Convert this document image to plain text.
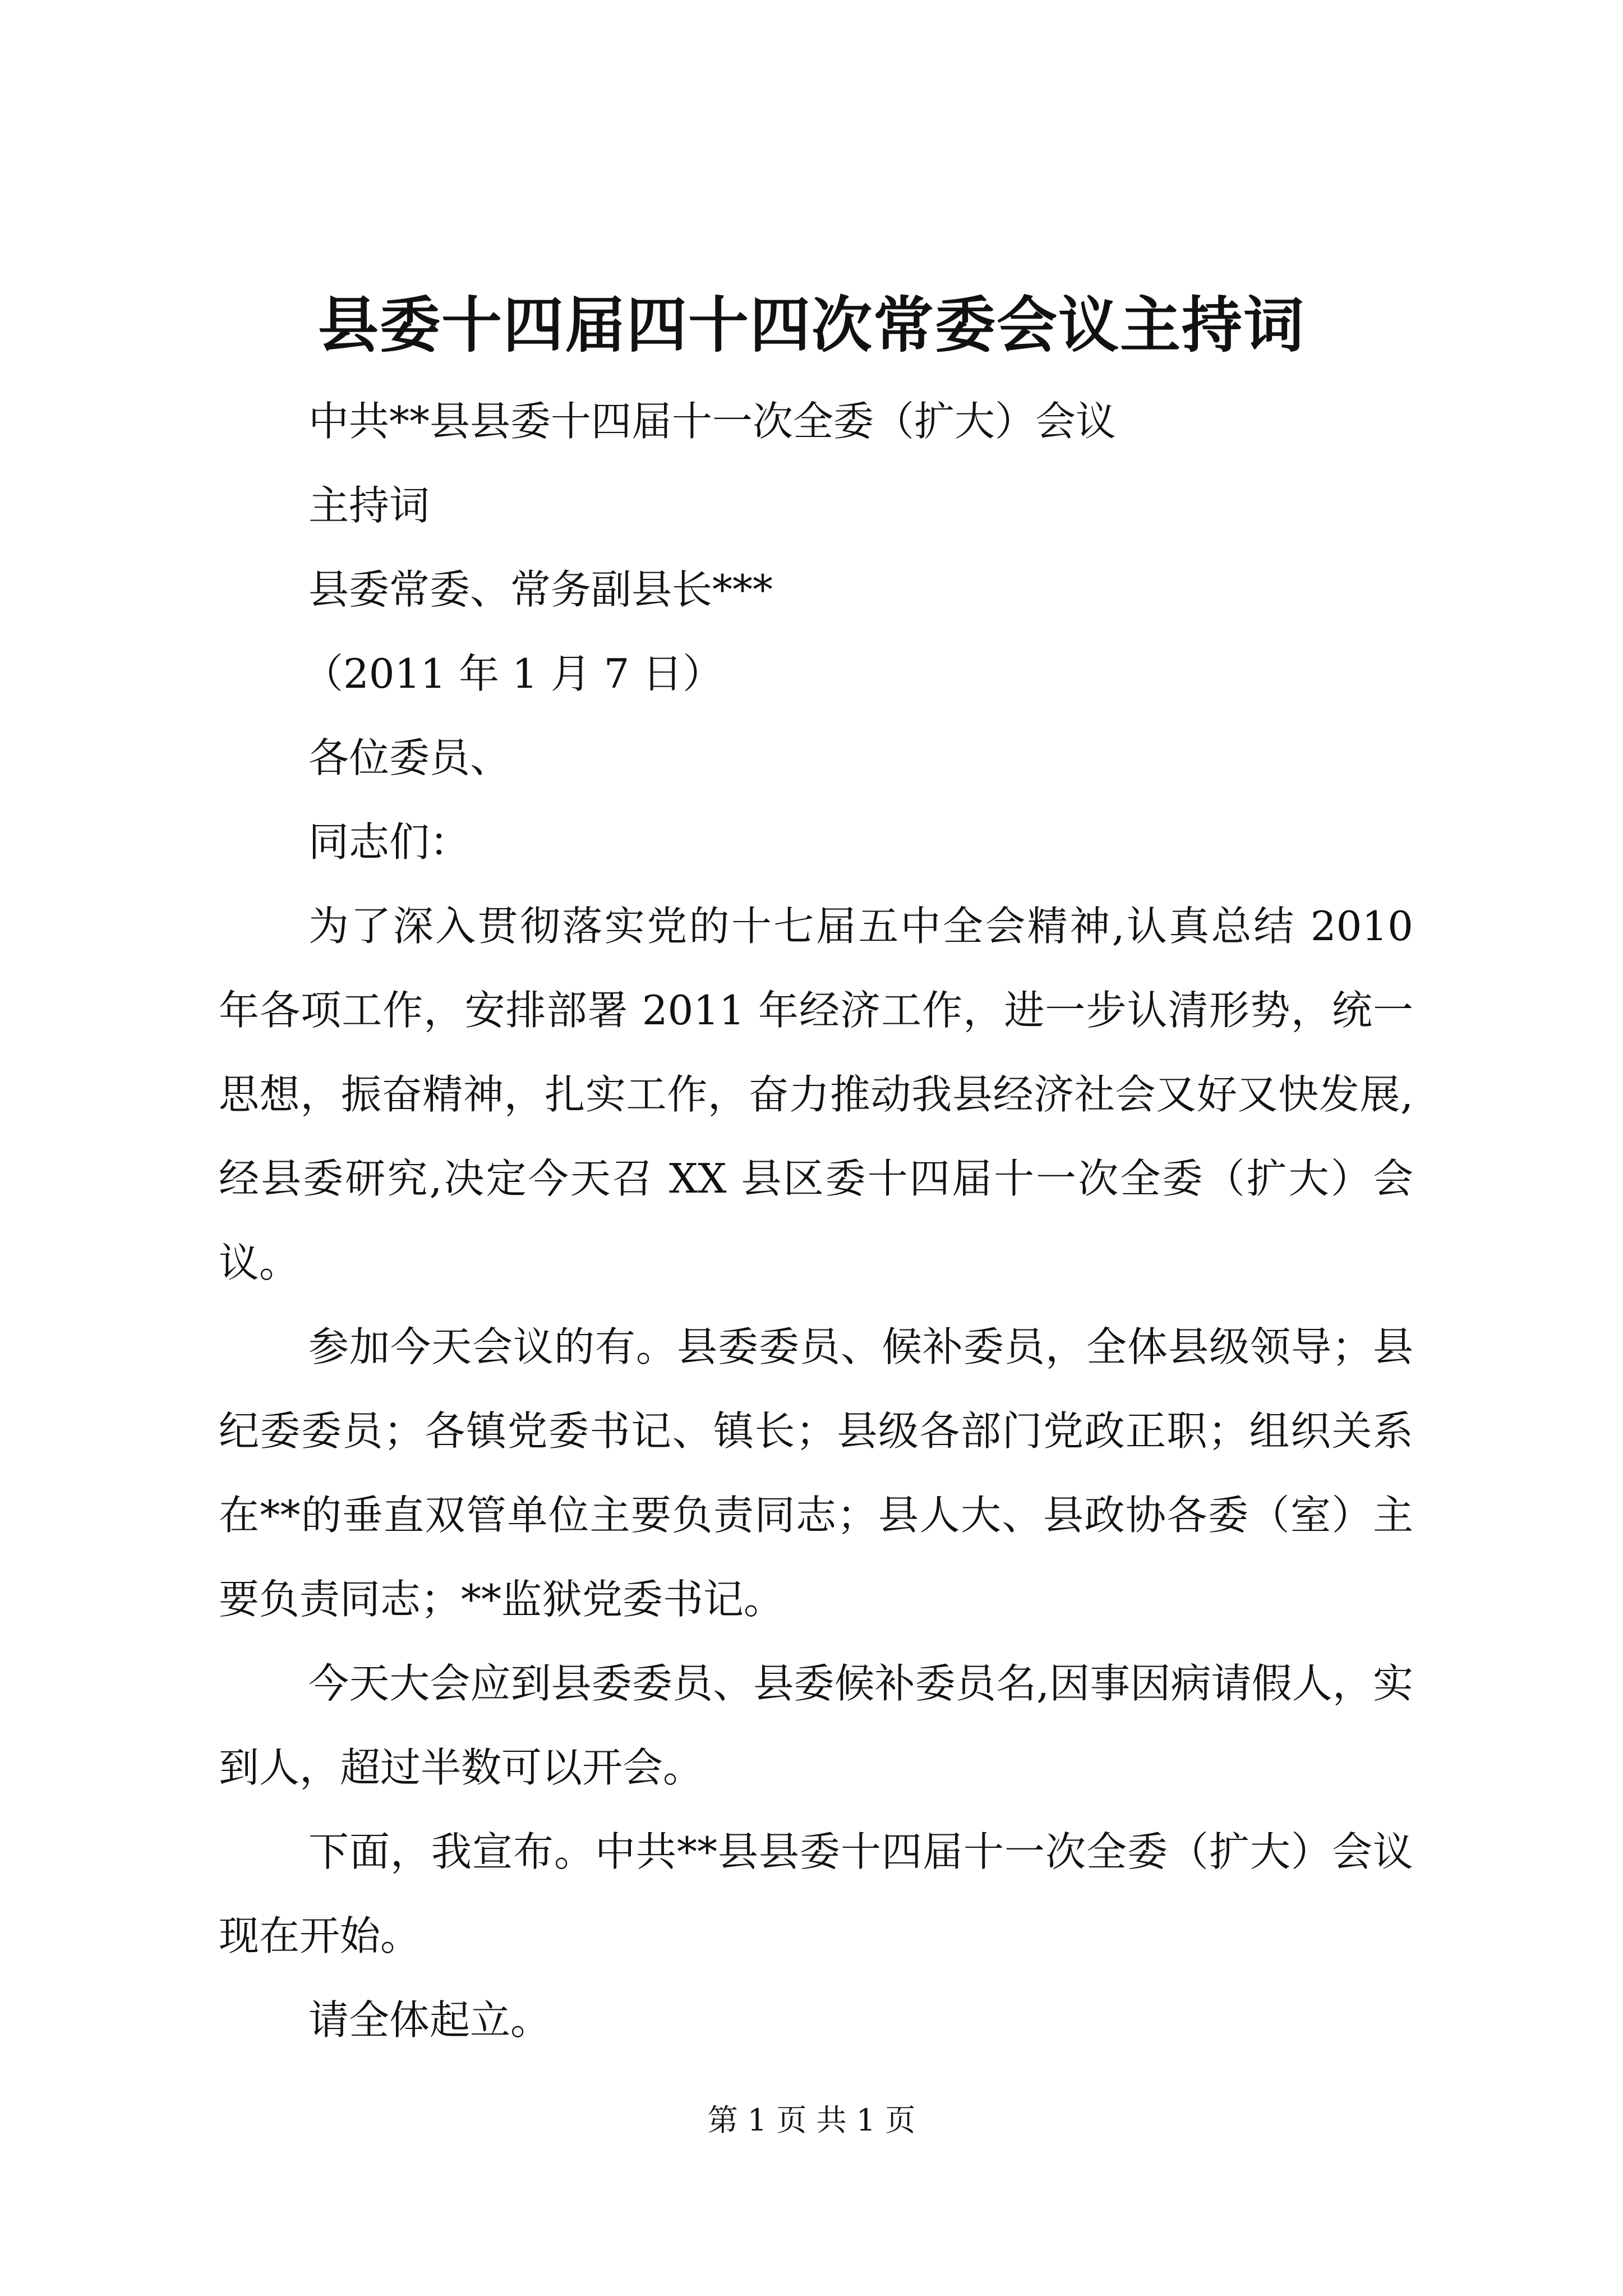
县委十四届四十四次常委会议主持词

中共**县县委十四届十一次全委（扩大）会议

主持词

县委常委、常务副县长***

（2011 年 1 月 7 日）

各位委员、

同志们：

为了深入贯彻落实党的十七届五中全会精神,认真总结 2010 年各项工作，安排部署 2011 年经济工作，进一步认清形势，统一思想，振奋精神，扎实工作，奋力推动我县经济社会又好又快发展,经县委研究,决定今天召 XX 县区委十四届十一次全委（扩大）会议。

参加今天会议的有。县委委员、候补委员，全体县级领导；县纪委委员；各镇党委书记、镇长；县级各部门党政正职；组织关系在**的垂直双管单位主要负责同志；县人大、县政协各委（室）主要负责同志；**监狱党委书记。

今天大会应到县委委员、县委候补委员名,因事因病请假人，实到人，超过半数可以开会。

下面，我宣布。中共**县县委十四届十一次全委（扩大）会议现在开始。

请全体起立。

第 1 页 共 1 页
